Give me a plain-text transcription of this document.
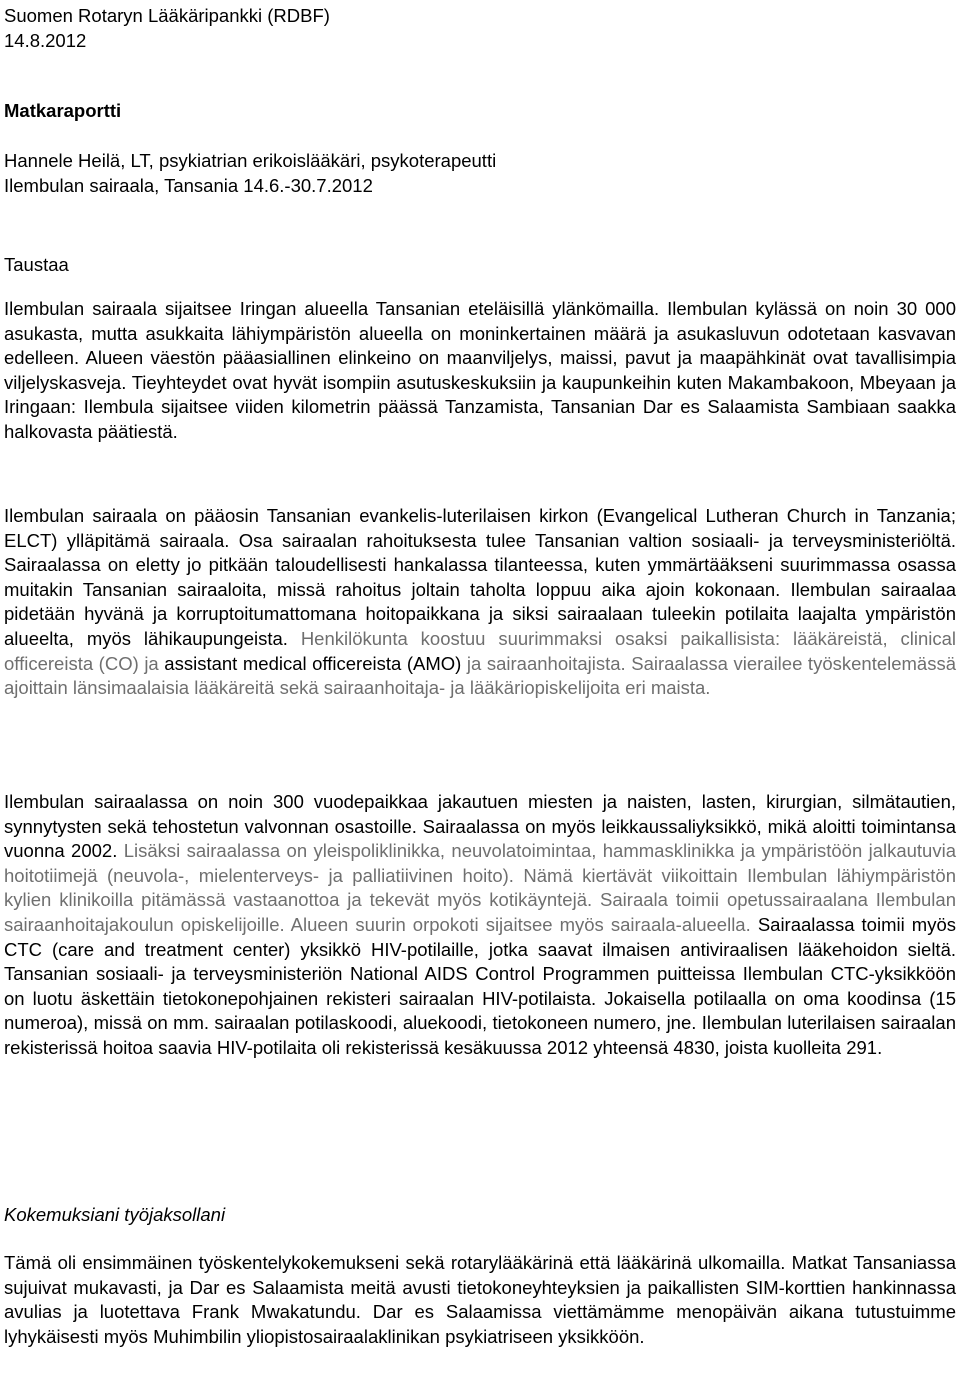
Suomen Rotaryn Lääkäripankki (RDBF)

14.8.2012

Matkaraportti

Hannele Heilä, LT, psykiatrian erikoislääkäri, psykoterapeutti

Ilembulan sairaala, Tansania 14.6.-30.7.2012

Taustaa

Ilembulan sairaala sijaitsee Iringan alueella Tansanian eteläisillä ylänkömailla. Ilembulan kylässä on noin 30 000 asukasta, mutta asukkaita lähiympäristön alueella on moninkertainen määrä ja asukasluvun odotetaan kasvavan edelleen. Alueen väestön pääasiallinen elinkeino on maanviljelys, maissi, pavut ja maapähkinät ovat tavallisimpia viljelyskasveja. Tieyhteydet ovat hyvät isompiin asutuskeskuksiin ja kaupunkeihin kuten Makambakoon, Mbeyaan ja Iringaan: Ilembula sijaitsee viiden kilometrin päässä Tanzamista, Tansanian Dar es Salaamista Sambiaan saakka halkovasta päätiestä.

Ilembulan sairaala on pääosin Tansanian evankelis-luterilaisen kirkon (Evangelical Lutheran Church in Tanzania; ELCT) ylläpitämä sairaala. Osa sairaalan rahoituksesta tulee Tansanian valtion sosiaali- ja terveysministeriöltä. Sairaalassa on eletty jo pitkään taloudellisesti hankalassa tilanteessa, kuten ymmärtääkseni suurimmassa osassa muitakin Tansanian sairaaloita, missä rahoitus joltain taholta loppuu aika ajoin kokonaan. Ilembulan sairaalaa pidetään hyvänä ja korruptoitumattomana hoitopaikkana ja siksi sairaalaan tuleekin potilaita laajalta ympäristön alueelta, myös lähikaupungeista. Henkilökunta koostuu suurimmaksi osaksi paikallisista: lääkäreistä, clinical officereista (CO) ja assistant medical officereista (AMO) ja sairaanhoitajista. Sairaalassa vierailee työskentelemässä ajoittain länsimaalaisia lääkäreitä sekä sairaanhoitaja- ja lääkäriopiskelijoita eri maista.

Ilembulan sairaalassa on noin 300 vuodepaikkaa jakautuen miesten ja naisten, lasten, kirurgian, silmätautien, synnytysten sekä tehostetun valvonnan osastoille. Sairaalassa on myös leikkaussaliyksikkö, mikä aloitti toimintansa vuonna 2002. Lisäksi sairaalassa on yleispoliklinikka, neuvolatoimintaa, hammasklinikka ja ympäristöön jalkautuvia hoitotiimejä (neuvola-, mielenterveys- ja palliatiivinen hoito). Nämä kiertävät viikoittain Ilembulan lähiympäristön kylien klinikoilla pitämässä vastaanottoa ja tekevät myös kotikäyntejä. Sairaala toimii opetussairaalana Ilembulan sairaanhoitajakoulun opiskelijoille. Alueen suurin orpokoti sijaitsee myös sairaala-alueella. Sairaalassa toimii myös CTC (care and treatment center) yksikkö HIV-potilaille, jotka saavat ilmaisen antiviraalisen lääkehoidon sieltä. Tansanian sosiaali- ja terveysministeriön National AIDS Control Programmen puitteissa Ilembulan CTC-yksikköön on luotu äskettäin tietokonepohjainen rekisteri sairaalan HIV-potilaista. Jokaisella potilaalla on oma koodinsa (15 numeroa), missä on mm. sairaalan potilaskoodi, aluekoodi, tietokoneen numero, jne. Ilembulan luterilaisen sairaalan rekisterissä hoitoa saavia HIV-potilaita oli rekisterissä kesäkuussa 2012 yhteensä 4830, joista kuolleita 291.

Kokemuksiani työjaksollani

Tämä oli ensimmäinen työskentelykokemukseni sekä rotarylääkärinä että lääkärinä ulkomailla. Matkat Tansaniassa sujuivat mukavasti, ja Dar es Salaamista meitä avusti tietokoneyhteyksien ja paikallisten SIM-korttien hankinnassa avulias ja luotettava Frank Mwakatundu. Dar es Salaamissa viettämämme menopäivän aikana tutustuimme lyhykäisesti myös Muhimbilin yliopistosairaalaklinikan psykiatriseen yksikköön.
